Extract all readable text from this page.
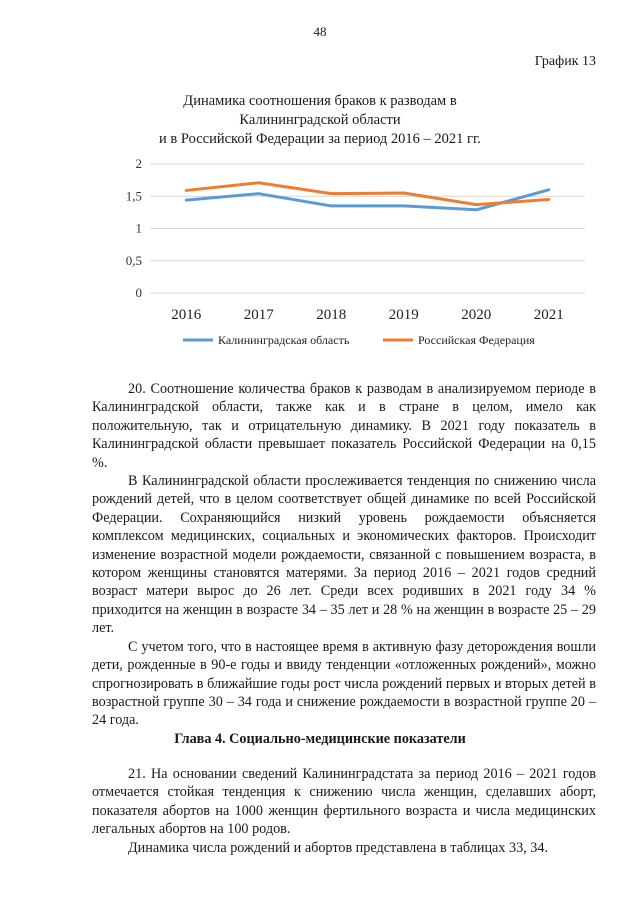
48
График 13
Динамика соотношения браков к разводам в
Калининградской области
и в Российской Федерации за период 2016 – 2021 гг.
0
0,5
1
1,5
2
2016	2017	2018	2019	2020	2021
Калининградская область	Российская Федерация

20. Соотношение количества браков к разводам в анализируемом периоде в Калининградской области, также как и в стране в целом, имело как положительную, так и отрицательную динамику. В 2021 году показатель в Калининградской области превышает показатель Российской Федерации на 0,15 %.

В Калининградской области прослеживается тенденция по снижению числа рождений детей, что в целом соответствует общей динамике по всей Российской Федерации. Сохраняющийся низкий уровень рождаемости объясняется комплексом медицинских, социальных и экономических факторов. Происходит изменение возрастной модели рождаемости, связанной с повышением возраста, в котором женщины становятся матерями. За период 2016 – 2021 годов средний возраст матери вырос до 26 лет. Среди всех родивших в 2021 году 34 % приходится на женщин в возрасте 34 – 35 лет и 28 % на женщин в возрасте 25 – 29 лет.

С учетом того, что в настоящее время в активную фазу деторождения вошли дети, рожденные в 90-е годы и ввиду тенденции «отложенных рождений», можно спрогнозировать в ближайшие годы рост числа рождений первых и вторых детей в возрастной группе 30 – 34 года и снижение рождаемости в возрастной группе 20 – 24 года.

Глава 4. Социально-медицинские показатели

21. На основании сведений Калининградстата за период 2016 – 2021 годов отмечается стойкая тенденция к снижению числа женщин, сделавших аборт, показателя абортов на 1000 женщин фертильного возраста и числа медицинских легальных абортов на 100 родов.

Динамика числа рождений и абортов представлена в таблицах 33, 34.
